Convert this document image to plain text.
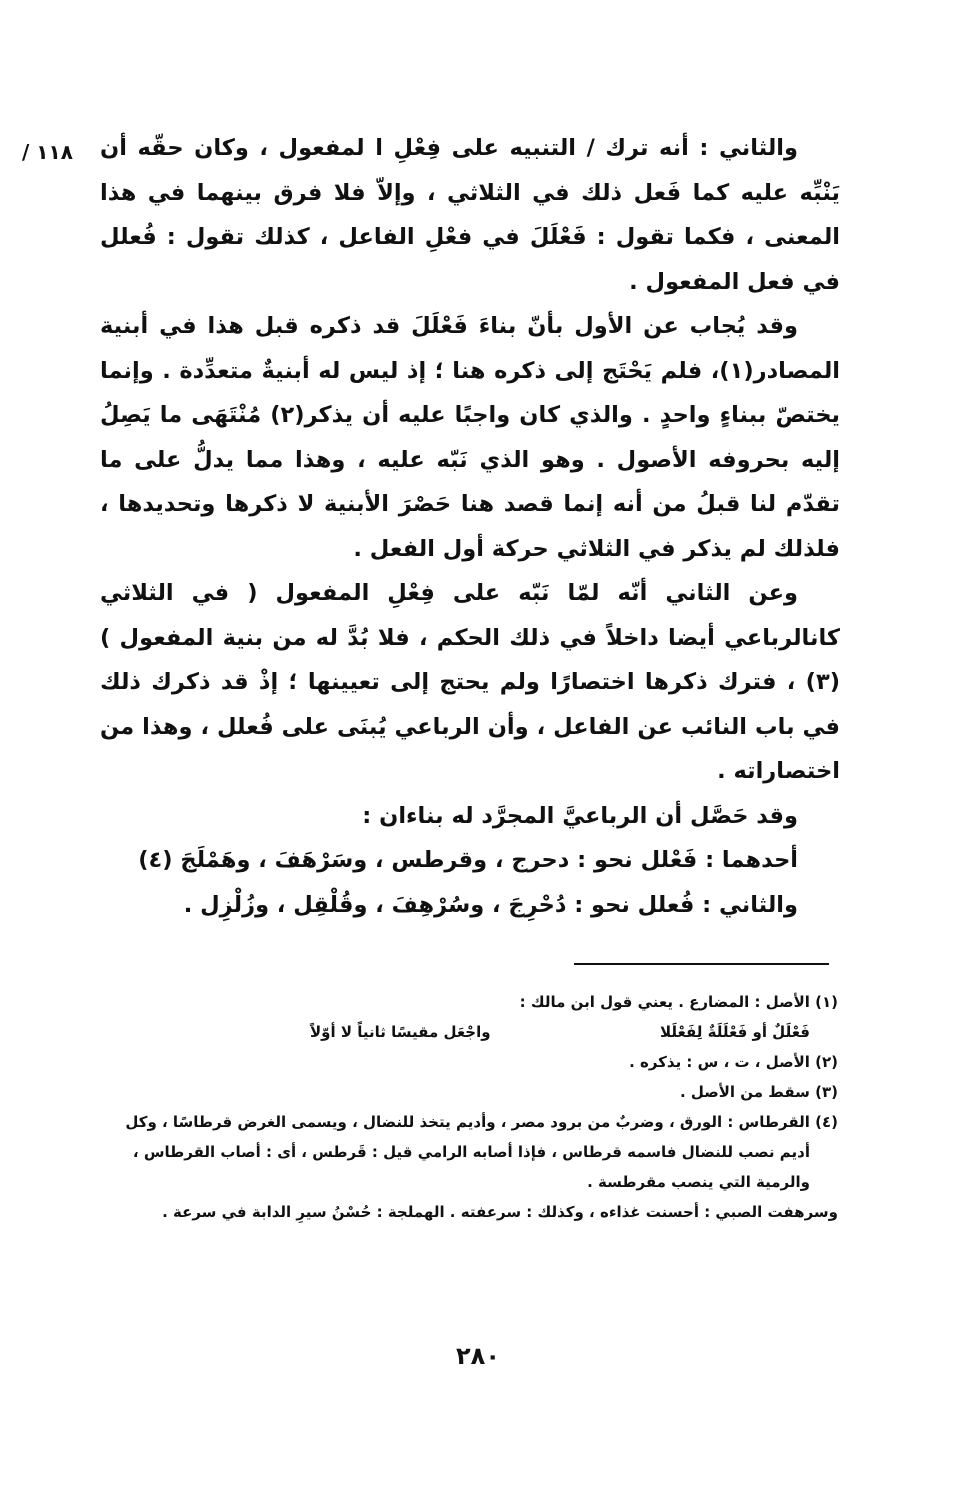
١١٨ / والثاني : أنه ترك / التنبيه على فِعْلِ ا لمفعول ، وكان حقّه أن يَنْبِّه عليه كما فَعل ذلك في الثلاثي ، وإلاّ فلا فرق بينهما في هذا المعنى ، فكما تقول : فَعْلَلَ في فعْلِ الفاعل ، كذلك تقول : فُعلل في فعل المفعول .

وقد يُجاب عن الأول بأنّ بناءَ فَعْلَلَ قد ذكره قبل هذا في أبنية المصادر(١)، فلم يَحْتَج إلى ذكره هنا ؛ إذ ليس له أبنيةٌ متعدِّدة . وإنما يختصّ ببناءٍ واحدٍ . والذي كان واجبًا عليه أن يذكر(٢) مُنْتَهَى ما يَصِلُ إليه بحروفه الأصول . وهو الذي نَبّه عليه ، وهذا مما يدلُّ على ما تقدّم لنا قبلُ من أنه إنما قصد هنا حَصْرَ الأبنية لا ذكرها وتحديدها ، فلذلك لم يذكر في الثلاثي حركة أول الفعل .

وعن الثاني أنّه لمّا نَبّه على فِعْلِ المفعول ( في الثلاثي كانالرباعي أيضا داخلاً في ذلك الحكم ، فلا بُدَّ له من بنية المفعول )(٣) ، فترك ذكرها اختصارًا ولم يحتج إلى تعيينها ؛ إذْ قد ذكرك ذلك في باب النائب عن الفاعل ، وأن الرباعي يُبنَى على فُعلل ، وهذا من اختصاراته .

وقد حَصَّل أن الرباعيَّ المجرَّد له بناءان :

أحدهما : فَعْلل نحو : دحرج ، وقرطس ، وسَرْهَفَ ، وهَمْلَجَ (٤)

والثاني : فُعلل نحو : دُحْرِجَ ، وسُرْهِفَ ، وقُلْقِل ، وزُلْزِل .

(١) الأصل : المضارع . يعني قول ابن مالك :

فَعْلَلٌ أو فَعْلَلَةٌ لِفَعْلَلا
واجْعَل مقيسًا ثانياً لا أوّلاً

(٢) الأصل ، ت ، س : يذكره .

(٣) سقط من الأصل .

(٤) القرطاس : الورق ، وضربٌ من برود مصر ، وأديم يتخذ للنضال ، ويسمى الغرض قرطاسًا ، وكل

أديم نصب للنضال فاسمه قرطاس ، فإذا أصابه الرامي قيل : قَرطس ، أى : أصاب القرطاس ،

والرمية التي ينصب مقرطسة .

وسرهفت الصبي : أحسنت غذاءه ، وكذلك : سرعفته . الهملجة : حُسْنُ سيرِ الدابة في سرعة .

٢٨٠
